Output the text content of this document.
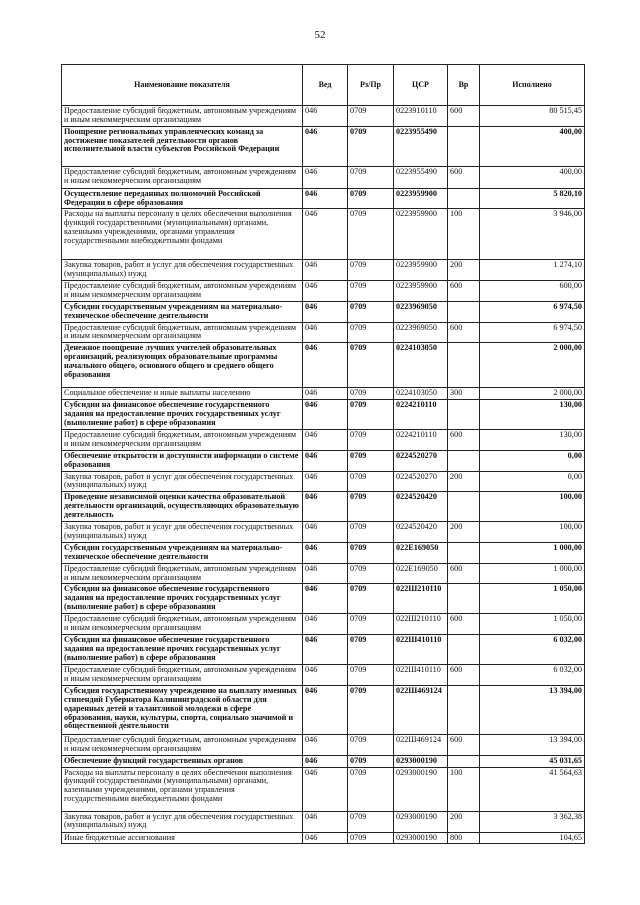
52
Наименование показателя	Вед	Рз/Пр	ЦСР	Вр	Исполнено
Предоставление субсидий бюджетным, автономным учреждениям и иным некоммерческим организациям	046	0709	0223910110	600	80 515,45
Поощрение региональных управленческих команд за достижение показателей деятельности органов исполнительной власти субъектов Российской Федерации	046	0709	0223955490		400,00
Предоставление субсидий бюджетным, автономным учреждениям и иным некоммерческим организациям	046	0709	0223955490	600	400,00
Осуществление переданных полномочий Российской Федерации в сфере образования	046	0709	0223959900		5 820,10
Расходы на выплаты персоналу в целях обеспечения выполнения функций государственными (муниципальными) органами, казенными учреждениями, органами управления государственными внебюджетными фондами	046	0709	0223959900	100	3 946,00
Закупка товаров, работ и услуг для обеспечения государственных (муниципальных) нужд	046	0709	0223959900	200	1 274,10
Предоставление субсидий бюджетным, автономным учреждениям и иным некоммерческим организациям	046	0709	0223959900	600	600,00
Субсидии государственным учреждениям на материально-техническое обеспечение деятельности	046	0709	0223969050		6 974,50
Предоставление субсидий бюджетным, автономным учреждениям и иным некоммерческим организациям	046	0709	0223969050	600	6 974,50
Денежное поощрение лучших учителей образовательных организаций, реализующих образовательные программы начального общего, основного общего и среднего общего образования	046	0709	0224103050		2 000,00
Социальное обеспечение и иные выплаты населению	046	0709	0224103050	300	2 000,00
Субсидии на финансовое обеспечение государственного задания на предоставление прочих государственных услуг (выполнение работ) в сфере образования	046	0709	0224210110		130,00
Предоставление субсидий бюджетным, автономным учреждениям и иным некоммерческим организациям	046	0709	0224210110	600	130,00
Обеспечение открытости и доступности информации о системе образования	046	0709	0224520270		0,00
Закупка товаров, работ и услуг для обеспечения государственных (муниципальных) нужд	046	0709	0224520270	200	0,00
Проведение независимой оценки качества образовательной деятельности организаций, осуществляющих образовательную деятельность	046	0709	0224520420		100,00
Закупка товаров, работ и услуг для обеспечения государственных (муниципальных) нужд	046	0709	0224520420	200	100,00
Субсидии государственным учреждениям на материально-техническое обеспечение деятельности	046	0709	022E169050		1 000,00
Предоставление субсидий бюджетным, автономным учреждениям и иным некоммерческим организациям	046	0709	022E169050	600	1 000,00
Субсидии на финансовое обеспечение государственного задания на предоставление прочих государственных услуг (выполнение работ) в сфере образования	046	0709	022Ш210110		1 050,00
Предоставление субсидий бюджетным, автономным учреждениям и иным некоммерческим организациям	046	0709	022Ш210110	600	1 050,00
Субсидии на финансовое обеспечение государственного задания на предоставление прочих государственных услуг (выполнение работ) в сфере образования	046	0709	022Ш410110		6 032,00
Предоставление субсидий бюджетным, автономным учреждениям и иным некоммерческим организациям	046	0709	022Ш410110	600	6 032,00
Субсидия государственному учреждению на выплату именных стипендий Губернатора Калининградской области для одаренных детей и талантливой молодежи в сфере образования, науки, культуры, спорта, социально значимой и общественной деятельности	046	0709	022Ш469124		13 394,00
Предоставление субсидий бюджетным, автономным учреждениям и иным некоммерческим организациям	046	0709	022Ш469124	600	13 394,00
Обеспечение функций государственных органов	046	0709	0293000190		45 031,65
Расходы на выплаты персоналу в целях обеспечения выполнения функций государственными (муниципальными) органами, казенными учреждениями, органами управления государственными внебюджетными фондами	046	0709	0293000190	100	41 564,63
Закупка товаров, работ и услуг для обеспечения государственных (муниципальных) нужд	046	0709	0293000190	200	3 362,38
Иные бюджетные ассигнования	046	0709	0293000190	800	104,65
